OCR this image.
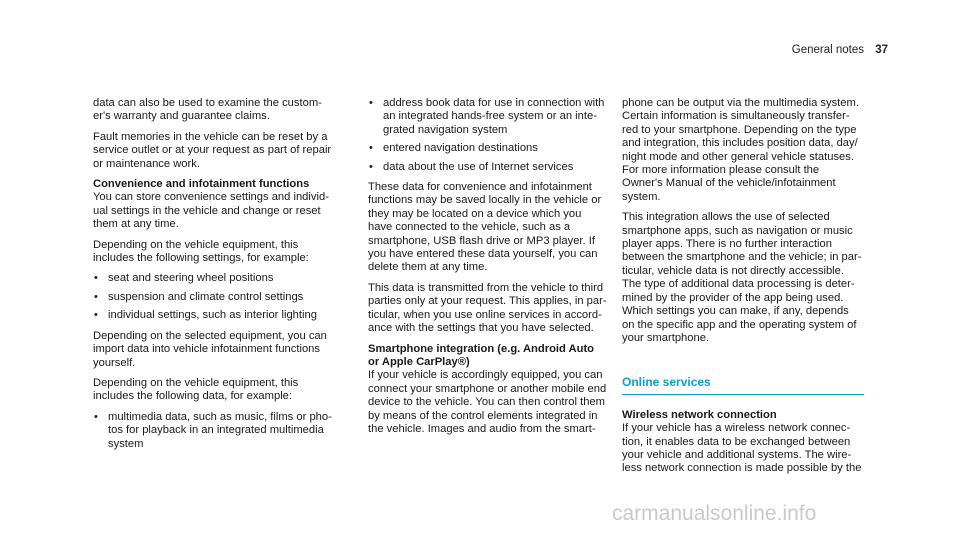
General notes 37

data can also be used to examine the custom-er's warranty and guarantee claims.

Fault memories in the vehicle can be reset by a service outlet or at your request as part of repair or maintenance work.

Convenience and infotainment functions

You can store convenience settings and individ-ual settings in the vehicle and change or reset them at any time.

Depending on the vehicle equipment, this includes the following settings, for example:

• seat and steering wheel positions
• suspension and climate control settings
• individual settings, such as interior lighting

Depending on the selected equipment, you can import data into vehicle infotainment functions yourself.

Depending on the vehicle equipment, this includes the following data, for example:

• multimedia data, such as music, films or pho-tos for playback in an integrated multimedia system
• address book data for use in connection with an integrated hands-free system or an inte-grated navigation system
• entered navigation destinations
• data about the use of Internet services

These data for convenience and infotainment functions may be saved locally in the vehicle or they may be located on a device which you have connected to the vehicle, such as a smartphone, USB flash drive or MP3 player. If you have entered these data yourself, you can delete them at any time.

This data is transmitted from the vehicle to third parties only at your request. This applies, in par-ticular, when you use online services in accord-ance with the settings that you have selected.

Smartphone integration (e.g. Android Auto or Apple CarPlay®)

If your vehicle is accordingly equipped, you can connect your smartphone or another mobile end device to the vehicle. You can then control them by means of the control elements integrated in the vehicle. Images and audio from the smart-

phone can be output via the multimedia system. Certain information is simultaneously transfer-red to your smartphone. Depending on the type and integration, this includes position data, day/ night mode and other general vehicle statuses. For more information please consult the Owner's Manual of the vehicle/infotainment system.

This integration allows the use of selected smartphone apps, such as navigation or music player apps. There is no further interaction between the smartphone and the vehicle; in par-ticular, vehicle data is not directly accessible. The type of additional data processing is deter-mined by the provider of the app being used. Which settings you can make, if any, depends on the specific app and the operating system of your smartphone.

Online services
Wireless network connection

If your vehicle has a wireless network connec-tion, it enables data to be exchanged between your vehicle and additional systems. The wire-less network connection is made possible by the

carmanualsonline.info
